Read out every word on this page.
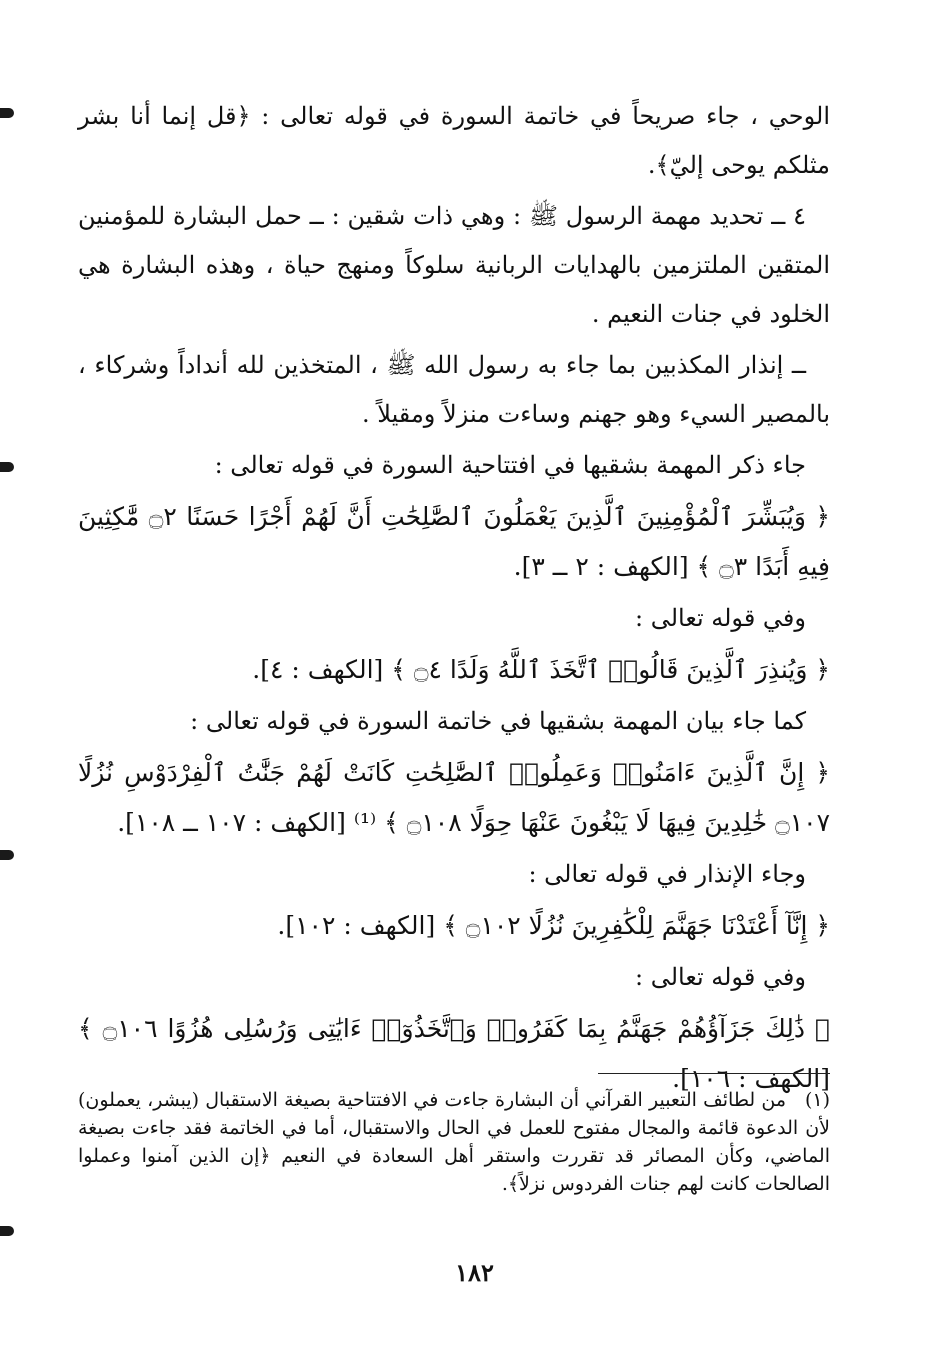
الوحي ، جاء صريحاً في خاتمة السورة في قوله تعالى : ﴿قل إنما أنا بشر مثلكم يوحى إليّ﴾.

٤ ــ تحديد مهمة الرسول ﷺ : وهي ذات شقين : ــ حمل البشارة للمؤمنين المتقين الملتزمين بالهدايات الربانية سلوكاً ومنهج حياة ، وهذه البشارة هي الخلود في جنات النعيم .

ــ إنذار المكذبين بما جاء به رسول الله ﷺ ، المتخذين لله أنداداً وشركاء ، بالمصير السيء وهو جهنم وساءت منزلاً ومقيلاً .

جاء ذكر المهمة بشقيها في افتتاحية السورة في قوله تعالى :

﴿ وَيُبَشِّرَ ٱلْمُؤْمِنِينَ ٱلَّذِينَ يَعْمَلُونَ ٱلصَّٰلِحَٰتِ أَنَّ لَهُمْ أَجْرًا حَسَنًا ۝٢ مَّٰكِثِينَ فِيهِ أَبَدًا ۝٣ ﴾ [الكهف : ٢ ــ ٣].

وفي قوله تعالى :

﴿ وَيُنذِرَ ٱلَّذِينَ قَالُوا۟ ٱتَّخَذَ ٱللَّهُ وَلَدًا ۝٤ ﴾ [الكهف : ٤].

كما جاء بيان المهمة بشقيها في خاتمة السورة في قوله تعالى :

﴿ إِنَّ ٱلَّذِينَ ءَامَنُوا۟ وَعَمِلُوا۟ ٱلصَّٰلِحَٰتِ كَانَتْ لَهُمْ جَنَّٰتُ ٱلْفِرْدَوْسِ نُزُلًا ۝١٠٧ خَٰلِدِينَ فِيهَا لَا يَبْغُونَ عَنْهَا حِوَلًا ۝١٠٨ ﴾ ⁽¹⁾ [الكهف : ١٠٧ ــ ١٠٨].

وجاء الإنذار في قوله تعالى :

﴿ إِنَّآ أَعْتَدْنَا جَهَنَّمَ لِلْكَٰفِرِينَ نُزُلًا ۝١٠٢ ﴾ [الكهف : ١٠٢].

وفي قوله تعالى :

﴿ ذَٰلِكَ جَزَآؤُهُمْ جَهَنَّمُ بِمَا كَفَرُوا۟ وَٱتَّخَذُوٓا۟ ءَايَٰتِى وَرُسُلِى هُزُوًا ۝١٠٦ ﴾ [الكهف : ١٠٦].

(١)من لطائف التعبير القرآني أن البشارة جاءت في الافتتاحية بصيغة الاستقبال (يبشر، يعملون) لأن الدعوة قائمة والمجال مفتوح للعمل في الحال والاستقبال، أما في الخاتمة فقد جاءت بصيغة الماضي، وكأن المصائر قد تقررت واستقر أهل السعادة في النعيم ﴿إن الذين آمنوا وعملوا الصالحات كانت لهم جنات الفردوس نزلاً﴾.
١٨٢
